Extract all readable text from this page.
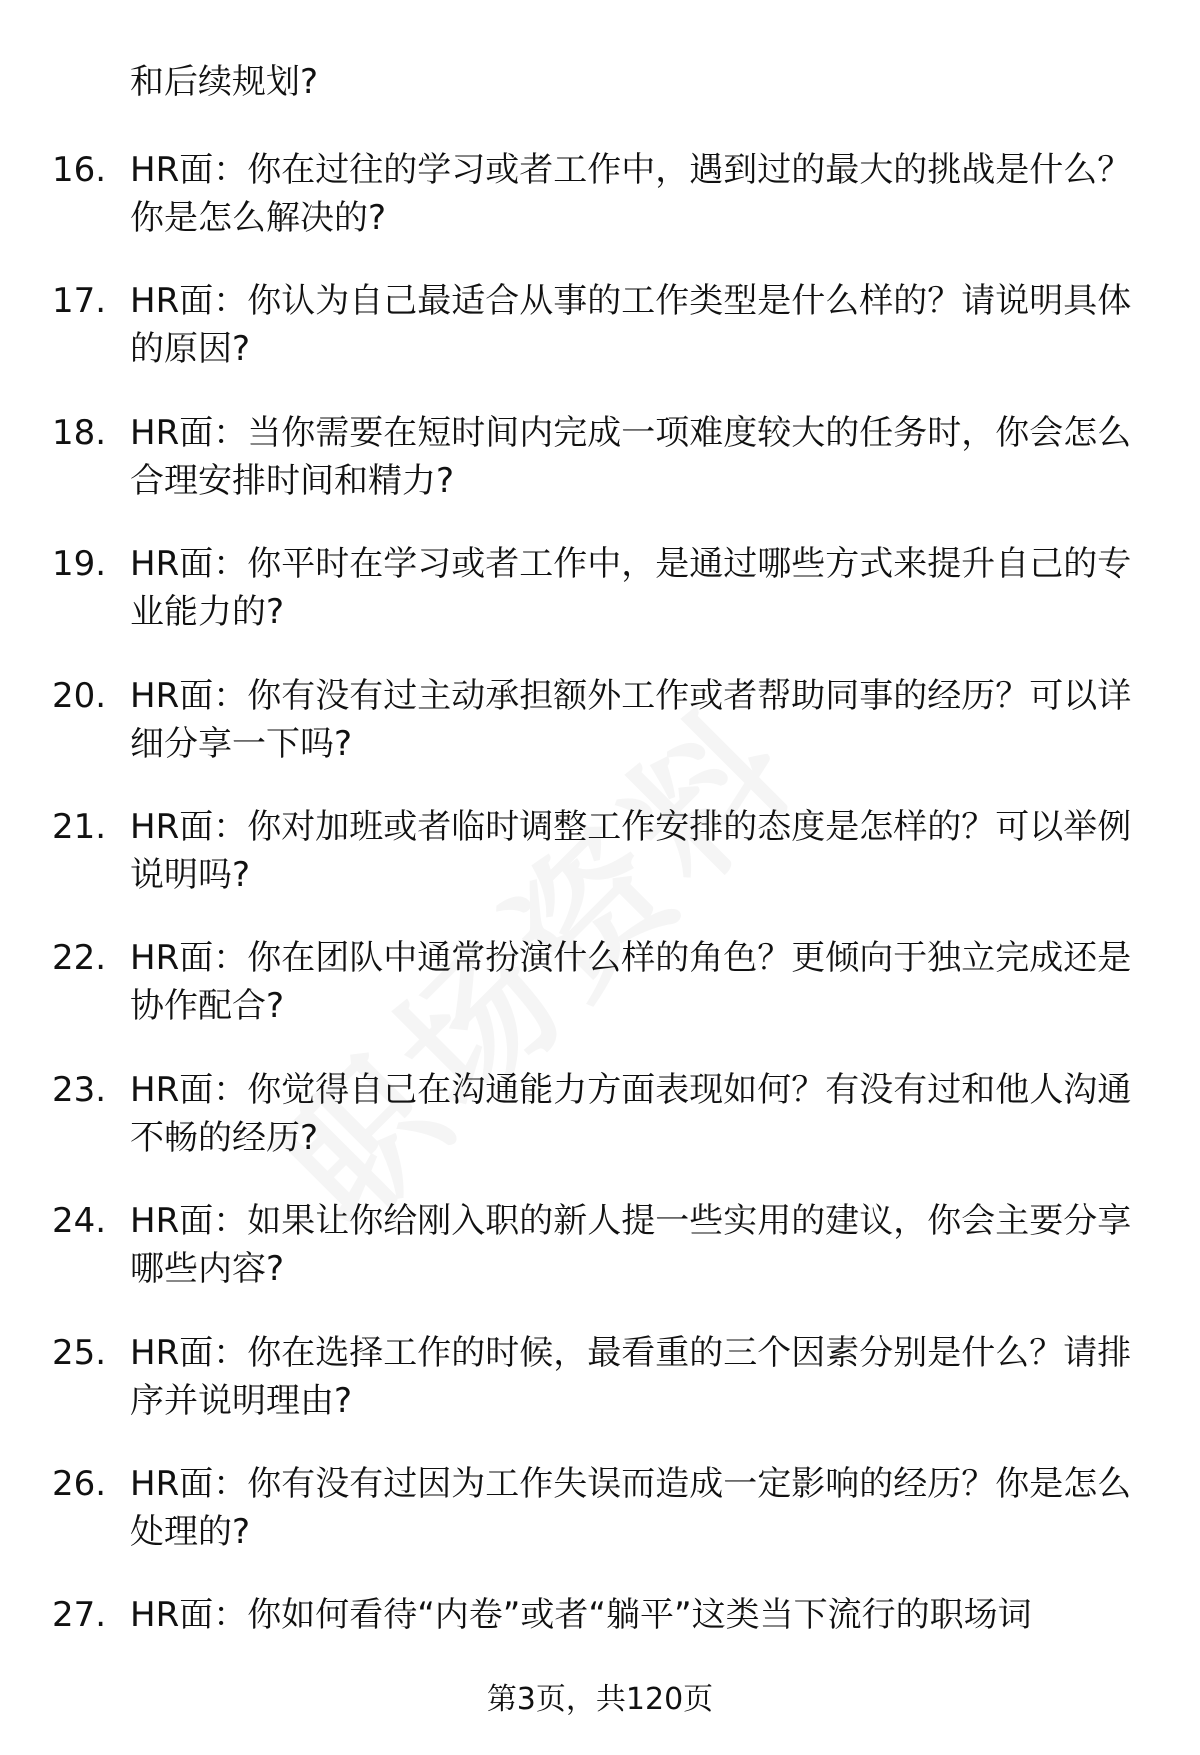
和后续规划?

16. HR面：你在过往的学习或者工作中，遇到过的最大的挑战是什么？你是怎么解决的?

17. HR面：你认为自己最适合从事的工作类型是什么样的？请说明具体的原因?

18. HR面：当你需要在短时间内完成一项难度较大的任务时，你会怎么合理安排时间和精力?

19. HR面：你平时在学习或者工作中，是通过哪些方式来提升自己的专业能力的?

20. HR面：你有没有过主动承担额外工作或者帮助同事的经历？可以详细分享一下吗?

21. HR面：你对加班或者临时调整工作安排的态度是怎样的？可以举例说明吗?

22. HR面：你在团队中通常扮演什么样的角色？更倾向于独立完成还是协作配合?

23. HR面：你觉得自己在沟通能力方面表现如何？有没有过和他人沟通不畅的经历?

24. HR面：如果让你给刚入职的新人提一些实用的建议，你会主要分享哪些内容?

25. HR面：你在选择工作的时候，最看重的三个因素分别是什么？请排序并说明理由?

26. HR面：你有没有过因为工作失误而造成一定影响的经历？你是怎么处理的?

27. HR面：你如何看待“内卷”或者“躺平”这类当下流行的职场词

第3页，共120页
